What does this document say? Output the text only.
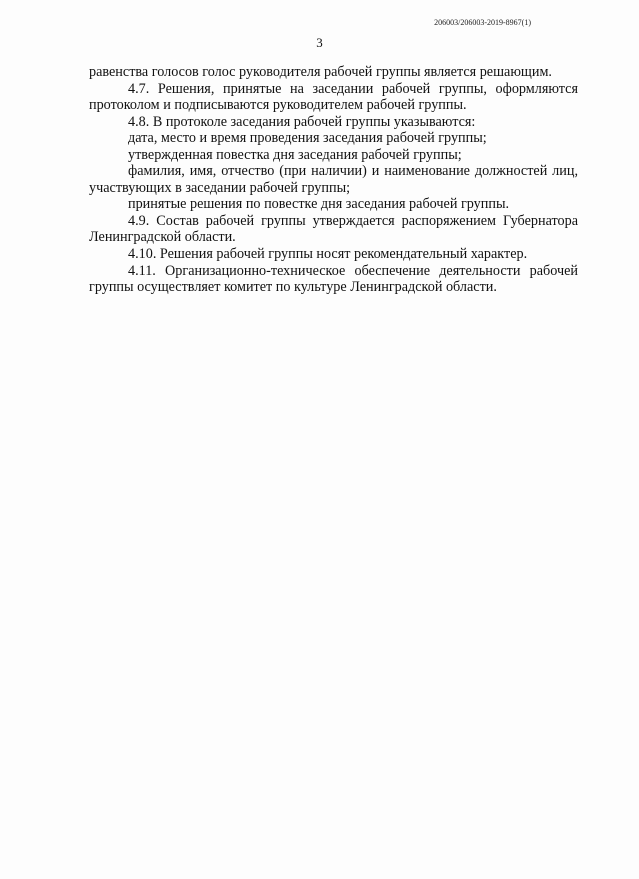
206003/206003-2019-8967(1)
3

равенства голосов голос руководителя рабочей группы является решающим.

4.7. Решения, принятые на заседании рабочей группы, оформляются протоколом и подписываются руководителем рабочей группы.

4.8. В протоколе заседания рабочей группы указываются:

дата, место и время проведения заседания рабочей группы;

утвержденная повестка дня заседания рабочей группы;

фамилия, имя, отчество (при наличии) и наименование должностей лиц, участвующих в заседании рабочей группы;

принятые решения по повестке дня заседания рабочей группы.

4.9. Состав рабочей группы утверждается распоряжением Губернатора Ленинградской области.

4.10. Решения рабочей группы носят рекомендательный характер.

4.11. Организационно-техническое обеспечение деятельности рабочей группы осуществляет комитет по культуре Ленинградской области.
